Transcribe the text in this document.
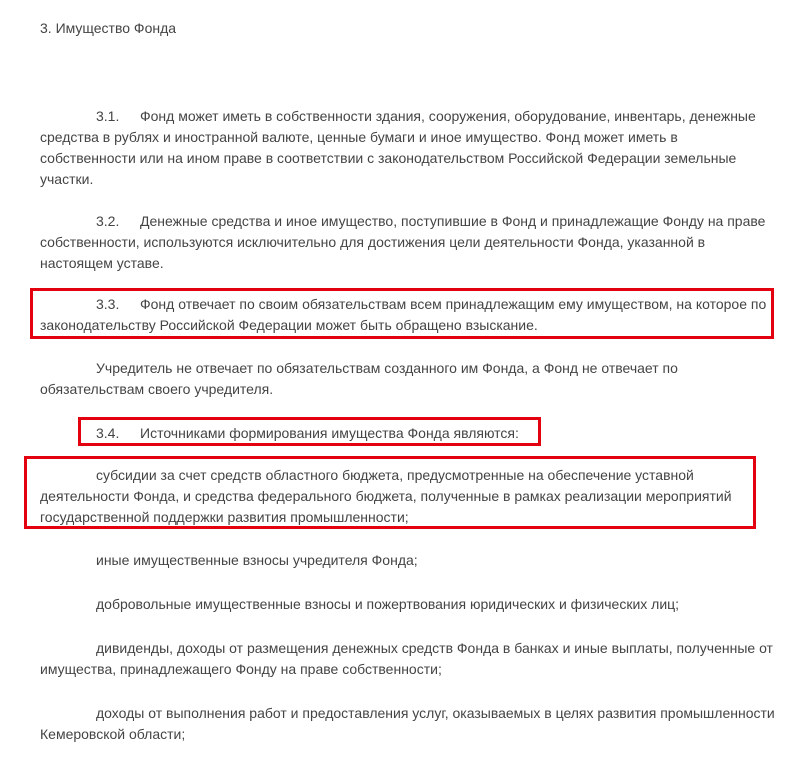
3. Имущество Фонда

3.1. Фонд может иметь в собственности здания, сооружения, оборудование, инвентарь, денежные средства в рублях и иностранной валюте, ценные бумаги и иное имущество. Фонд может иметь в собственности или на ином праве в соответствии с законодательством Российской Федерации земельные участки.

3.2. Денежные средства и иное имущество, поступившие в Фонд и принадлежащие Фонду на праве собственности, используются исключительно для достижения цели деятельности Фонда, указанной в настоящем уставе.

3.3. Фонд отвечает по своим обязательствам всем принадлежащим ему имуществом, на которое по законодательству Российской Федерации может быть обращено взыскание.

Учредитель не отвечает по обязательствам созданного им Фонда, а Фонд не отвечает по обязательствам своего учредителя.

3.4. Источниками формирования имущества Фонда являются:

субсидии за счет средств областного бюджета, предусмотренные на обеспечение уставной деятельности Фонда, и средства федерального бюджета, полученные в рамках реализации мероприятий государственной поддержки развития промышленности;

иные имущественные взносы учредителя Фонда;

добровольные имущественные взносы и пожертвования юридических и физических лиц;

дивиденды, доходы от размещения денежных средств Фонда в банках и иные выплаты, полученные от имущества, принадлежащего Фонду на праве собственности;

доходы от выполнения работ и предоставления услуг, оказываемых в целях развития промышленности Кемеровской области;
